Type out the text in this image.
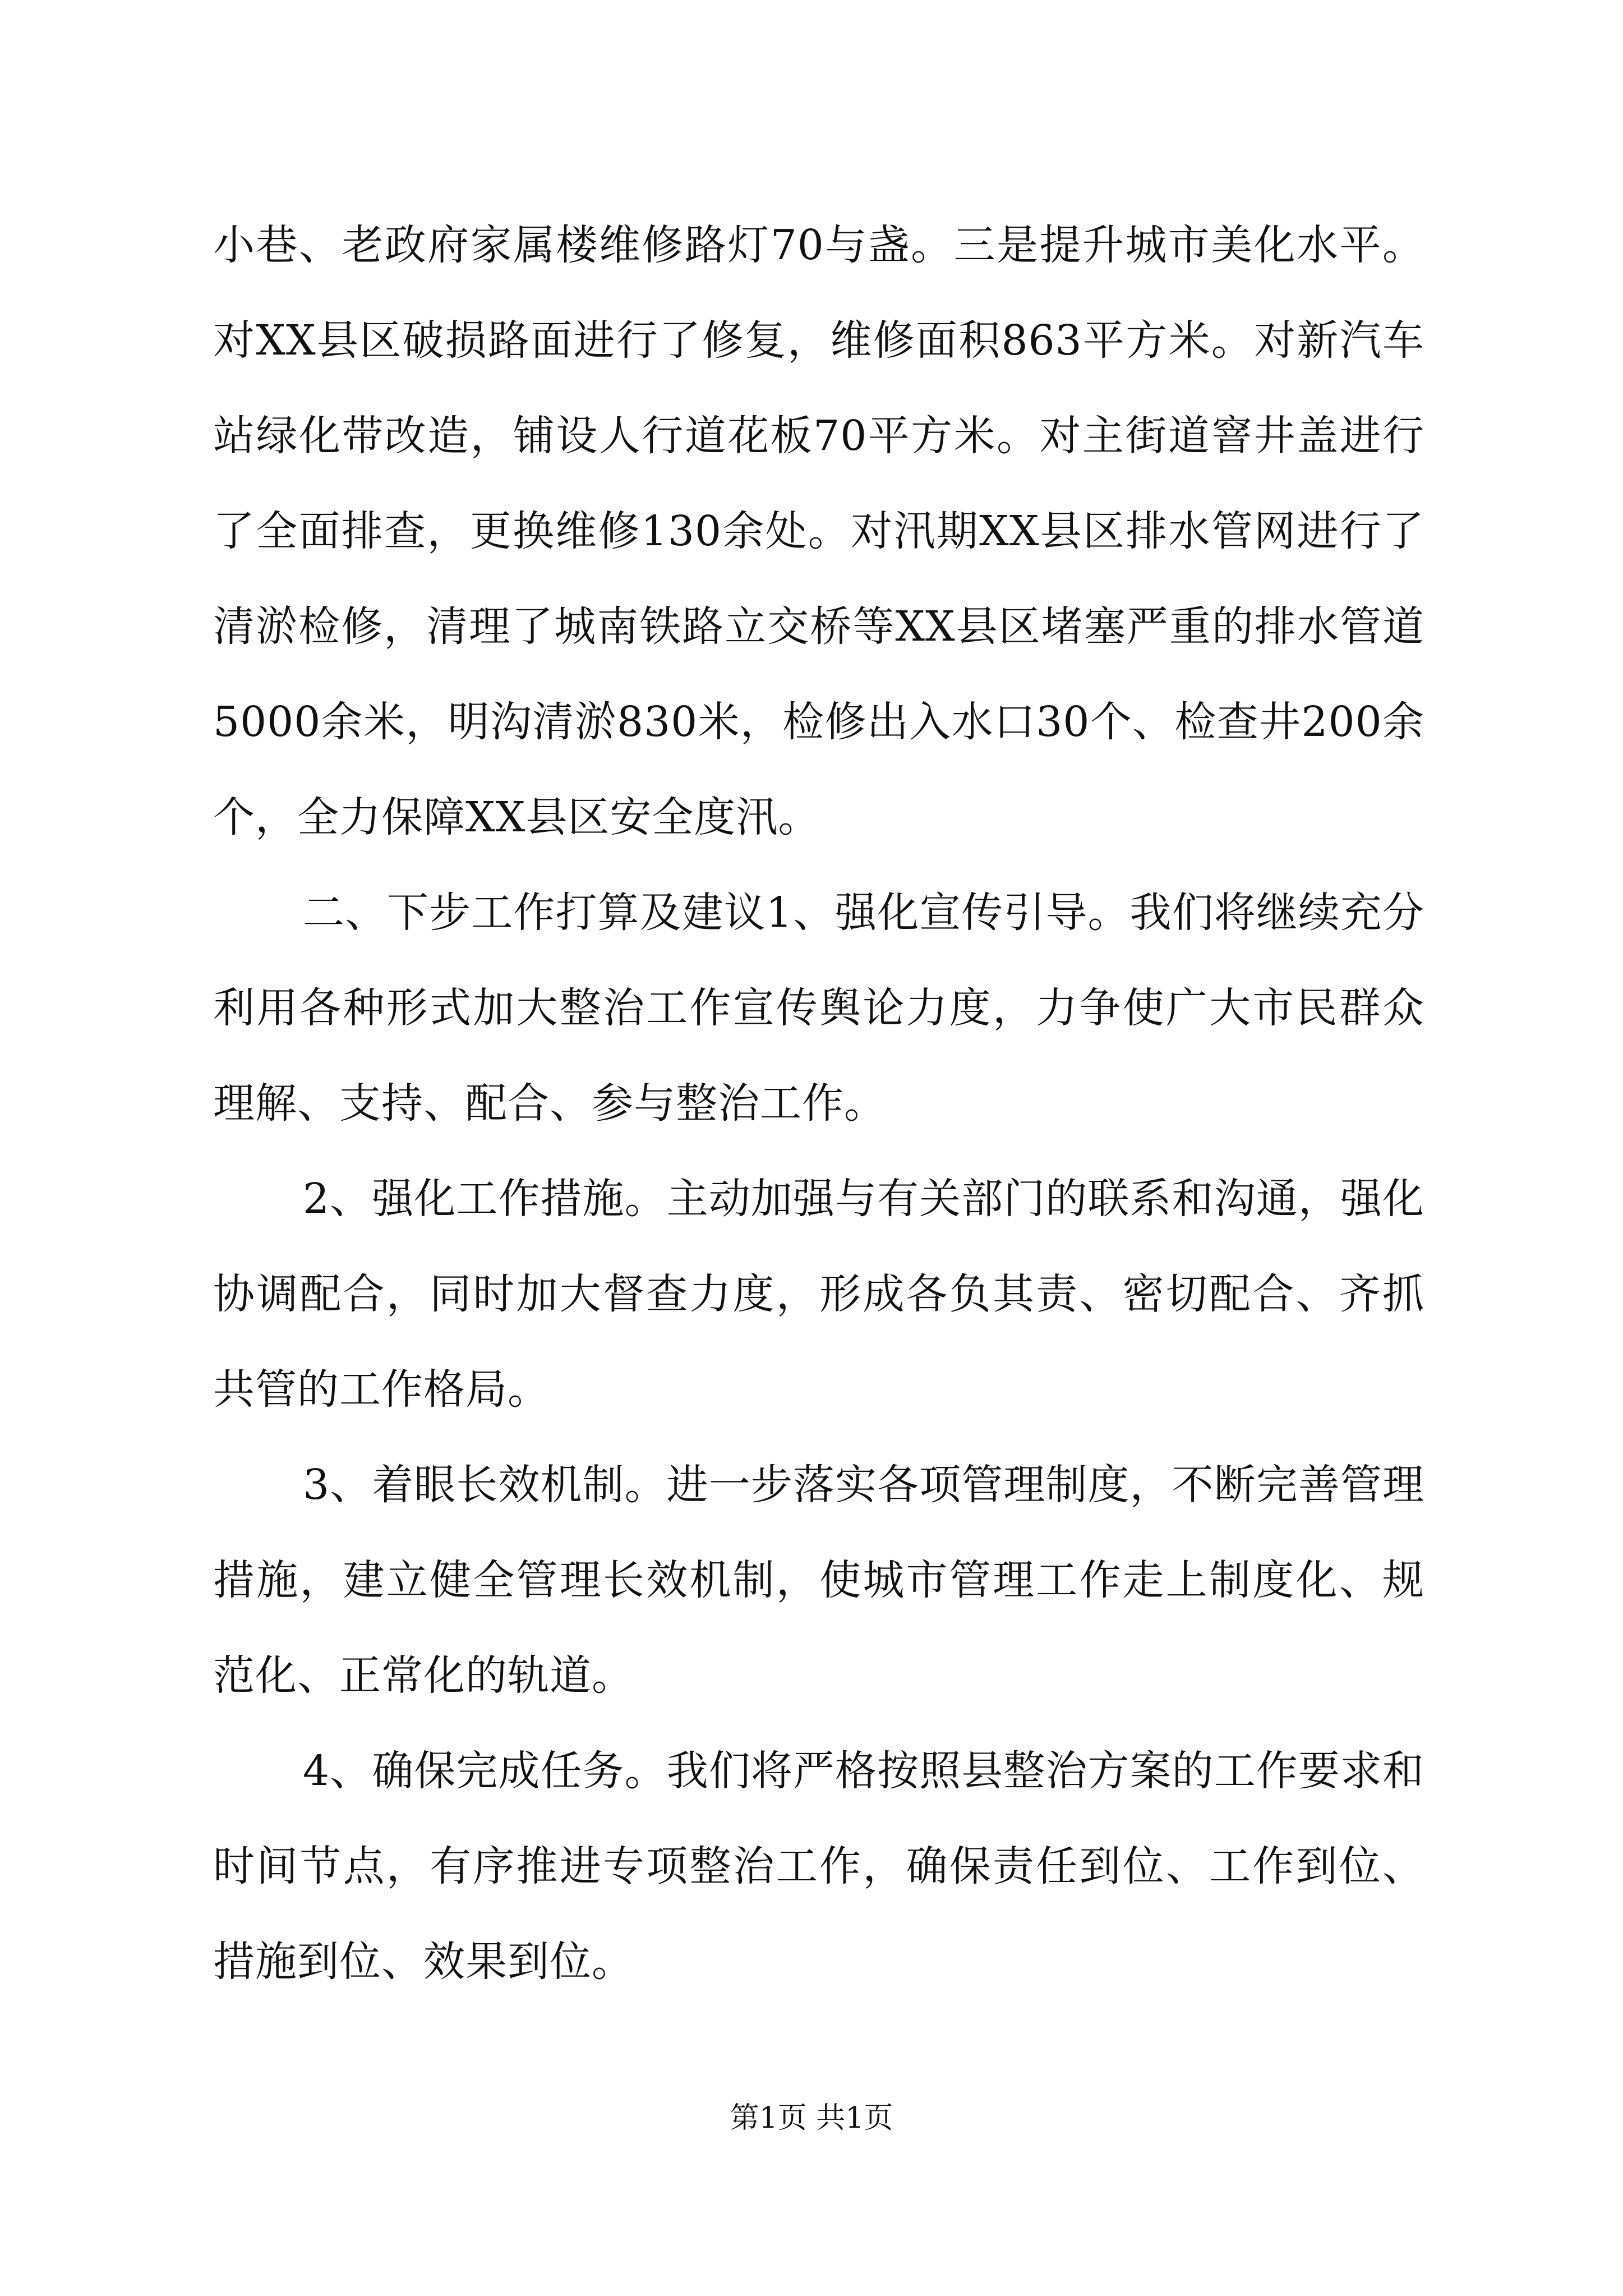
小巷、老政府家属楼维修路灯70与盏。三是提升城市美化水平。对XX县区破损路面进行了修复，维修面积863平方米。对新汽车站绿化带改造，铺设人行道花板70平方米。对主街道窨井盖进行了全面排查，更换维修130余处。对汛期XX县区排水管网进行了清淤检修，清理了城南铁路立交桥等XX县区堵塞严重的排水管道5000余米，明沟清淤830米，检修出入水口30个、检查井200余个，全力保障XX县区安全度汛。

二、下步工作打算及建议1、强化宣传引导。我们将继续充分利用各种形式加大整治工作宣传舆论力度，力争使广大市民群众理解、支持、配合、参与整治工作。

2、强化工作措施。主动加强与有关部门的联系和沟通，强化协调配合，同时加大督查力度，形成各负其责、密切配合、齐抓共管的工作格局。

3、着眼长效机制。进一步落实各项管理制度，不断完善管理措施，建立健全管理长效机制，使城市管理工作走上制度化、规范化、正常化的轨道。

4、确保完成任务。我们将严格按照县整治方案的工作要求和时间节点，有序推进专项整治工作，确保责任到位、工作到位、措施到位、效果到位。

第1页 共1页
